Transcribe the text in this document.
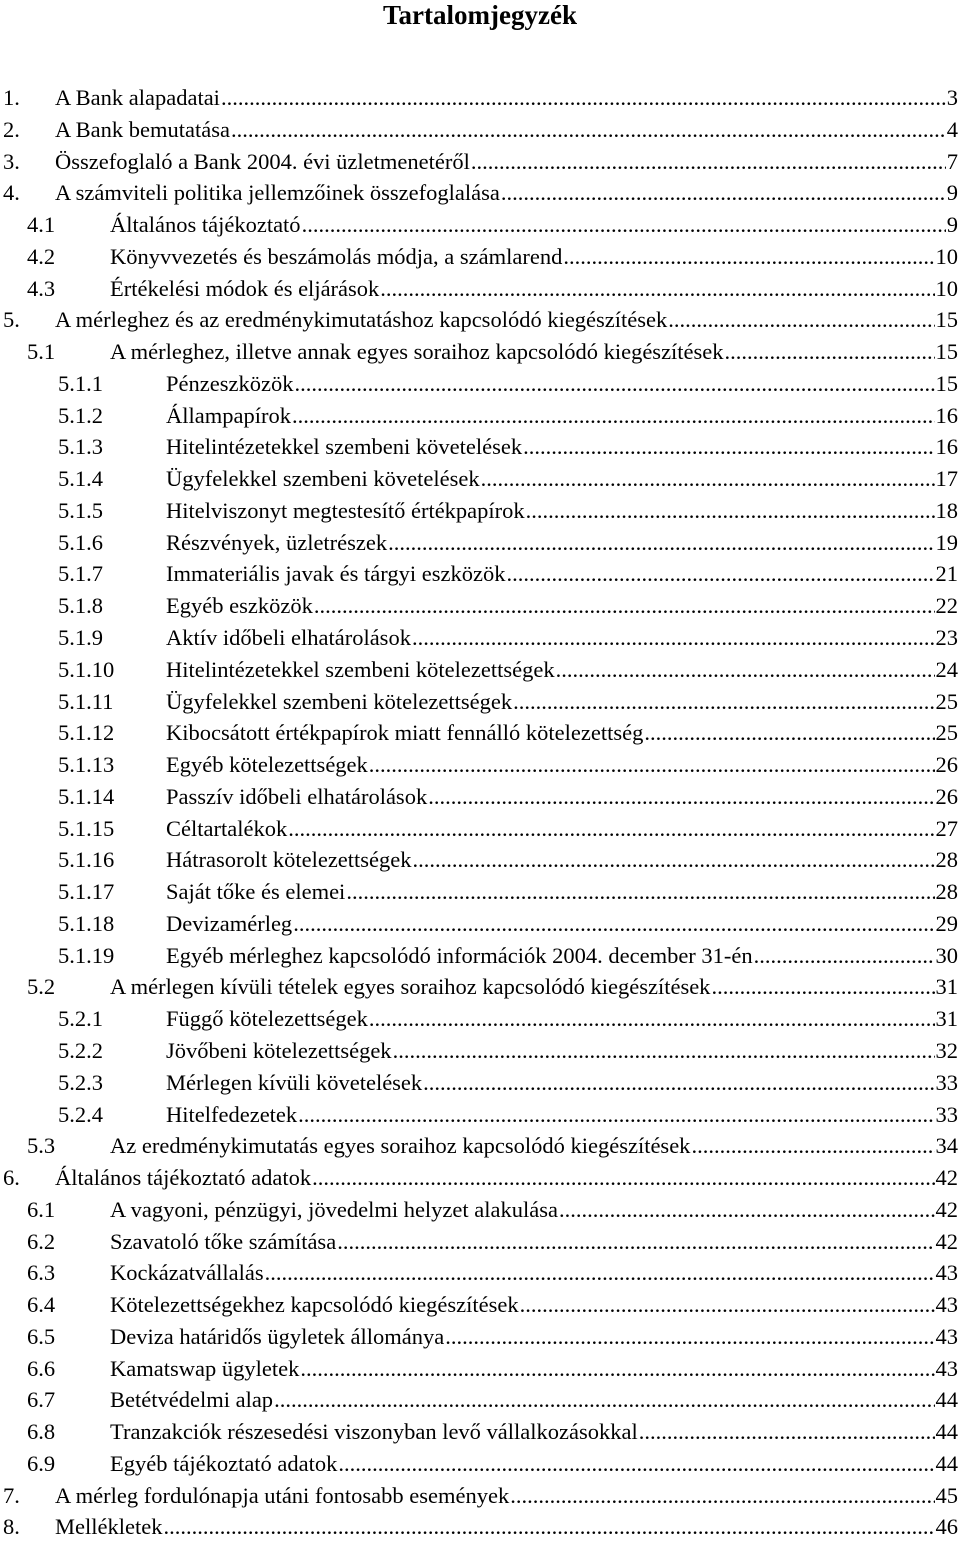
Tartalomjegyzék
1.	A Bank alapadatai .....	3
2.	A Bank bemutatása .....	4
3.	Összefoglaló a Bank 2004. évi üzletmenetéről .....	7
4.	A számviteli politika jellemzőinek összefoglalása .....	9
4.1	Általános tájékoztató .....	9
4.2	Könyvvezetés és beszámolás módja, a számlarend .....	10
4.3	Értékelési módok és eljárások .....	10
5.	A mérleghez és az eredménykimutatáshoz kapcsolódó kiegészítések .....	15
5.1	A mérleghez, illetve annak egyes soraihoz kapcsolódó kiegészítések .....	15
5.1.1	Pénzeszközök .....	15
5.1.2	Állampapírok .....	16
5.1.3	Hitelintézetekkel szembeni követelések .....	16
5.1.4	Ügyfelekkel szembeni követelések .....	17
5.1.5	Hitelviszonyt megtestesítő értékpapírok .....	18
5.1.6	Részvények, üzletrészek .....	19
5.1.7	Immateriális javak és tárgyi eszközök .....	21
5.1.8	Egyéb eszközök .....	22
5.1.9	Aktív időbeli elhatárolások .....	23
5.1.10	Hitelintézetekkel szembeni kötelezettségek .....	24
5.1.11	Ügyfelekkel szembeni kötelezettségek .....	25
5.1.12	Kibocsátott értékpapírok miatt fennálló kötelezettség .....	25
5.1.13	Egyéb kötelezettségek .....	26
5.1.14	Passzív időbeli elhatárolások .....	26
5.1.15	Céltartalékok .....	27
5.1.16	Hátrasorolt kötelezettségek .....	28
5.1.17	Saját tőke és elemei .....	28
5.1.18	Devizamérleg .....	29
5.1.19	Egyéb mérleghez kapcsolódó információk 2004. december 31-én .....	30
5.2	A mérlegen kívüli tételek egyes soraihoz kapcsolódó kiegészítések .....	31
5.2.1	Függő kötelezettségek .....	31
5.2.2	Jövőbeni kötelezettségek .....	32
5.2.3	Mérlegen kívüli követelések .....	33
5.2.4	Hitelfedezetek .....	33
5.3	Az eredménykimutatás egyes soraihoz kapcsolódó kiegészítések .....	34
6.	Általános tájékoztató adatok .....	42
6.1	A vagyoni, pénzügyi, jövedelmi helyzet alakulása .....	42
6.2	Szavatoló tőke számítása .....	42
6.3	Kockázatvállalás .....	43
6.4	Kötelezettségekhez kapcsolódó kiegészítések .....	43
6.5	Deviza határidős ügyletek állománya .....	43
6.6	Kamatswap ügyletek .....	43
6.7	Betétvédelmi alap .....	44
6.8	Tranzakciók részesedési viszonyban levő vállalkozásokkal .....	44
6.9	Egyéb tájékoztató adatok .....	44
7.	A mérleg fordulónapja utáni fontosabb események .....	45
8.	Mellékletek .....	46
